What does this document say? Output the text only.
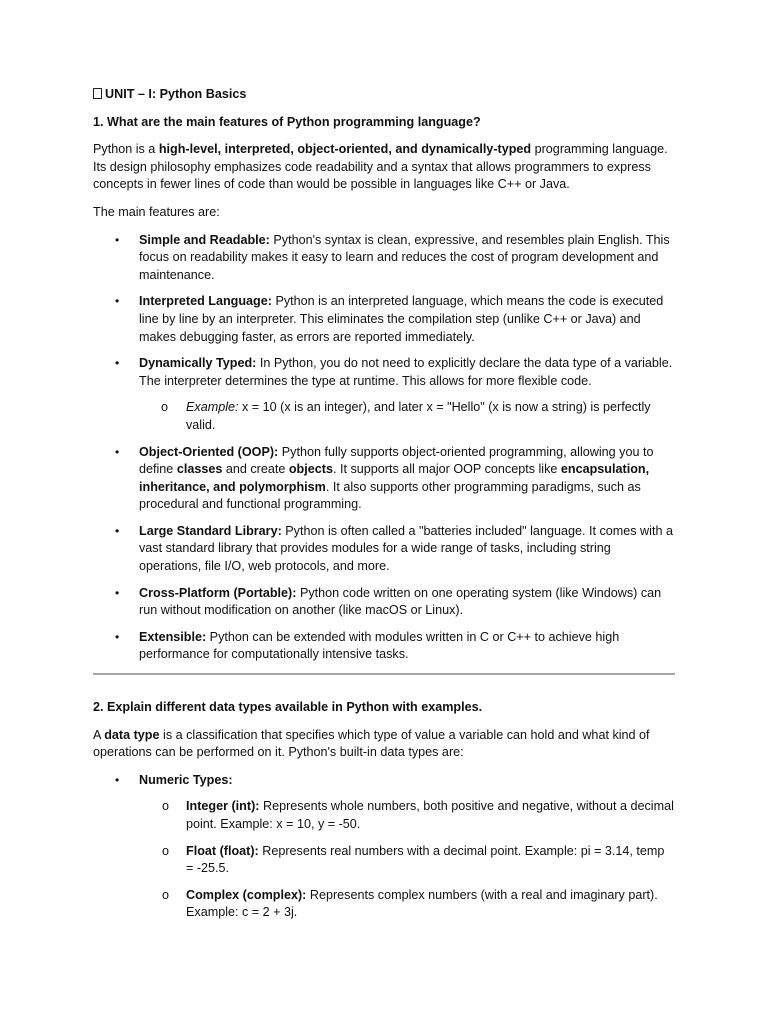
UNIT – I: Python Basics

1. What are the main features of Python programming language?

Python is a high-level, interpreted, object-oriented, and dynamically-typed programming language. Its design philosophy emphasizes code readability and a syntax that allows programmers to express concepts in fewer lines of code than would be possible in languages like C++ or Java.

The main features are:

• Simple and Readable: Python's syntax is clean, expressive, and resembles plain English. This focus on readability makes it easy to learn and reduces the cost of program development and maintenance.
• Interpreted Language: Python is an interpreted language, which means the code is executed line by line by an interpreter. This eliminates the compilation step (unlike C++ or Java) and makes debugging faster, as errors are reported immediately.
• Dynamically Typed: In Python, you do not need to explicitly declare the data type of a variable. The interpreter determines the type at runtime. This allows for more flexible code.
o Example: x = 10 (x is an integer), and later x = "Hello" (x is now a string) is perfectly valid.
• Object-Oriented (OOP): Python fully supports object-oriented programming, allowing you to define classes and create objects. It supports all major OOP concepts like encapsulation, inheritance, and polymorphism. It also supports other programming paradigms, such as procedural and functional programming.
• Large Standard Library: Python is often called a "batteries included" language. It comes with a vast standard library that provides modules for a wide range of tasks, including string operations, file I/O, web protocols, and more.
• Cross-Platform (Portable): Python code written on one operating system (like Windows) can run without modification on another (like macOS or Linux).
• Extensible: Python can be extended with modules written in C or C++ to achieve high performance for computationally intensive tasks.

2. Explain different data types available in Python with examples.

A data type is a classification that specifies which type of value a variable can hold and what kind of operations can be performed on it. Python's built-in data types are:

• Numeric Types:
o Integer (int): Represents whole numbers, both positive and negative, without a decimal point. Example: x = 10, y = -50.
o Float (float): Represents real numbers with a decimal point. Example: pi = 3.14, temp = -25.5.
o Complex (complex): Represents complex numbers (with a real and imaginary part). Example: c = 2 + 3j.
